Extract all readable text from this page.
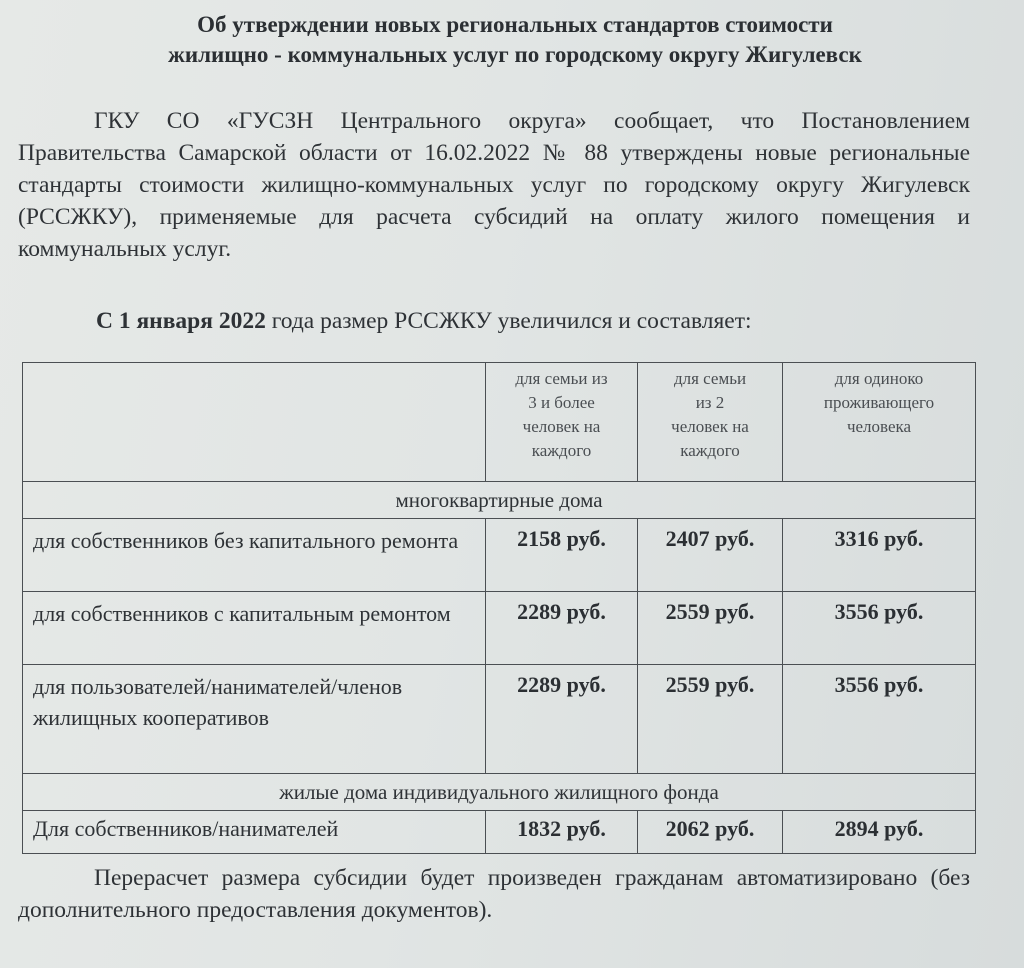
Об утверждении новых региональных стандартов стоимости
жилищно - коммунальных услуг по городскому округу Жигулевск

ГКУ СО «ГУСЗН Центрального округа» сообщает, что Постановлением Правительства Самарской области от 16.02.2022 № 88 утверждены новые региональные стандарты стоимости жилищно-коммунальных услуг по городскому округу Жигулевск (РССЖКУ), применяемые для расчета субсидий на оплату жилого помещения и коммунальных услуг.

С 1 января 2022 года размер РССЖКУ увеличился и составляет:

	для семьи из
3 и более
человек на
каждого	для семьи
из 2
человек на
каждого	для одиноко
проживающего
человека

многоквартирные дома			
для собственников без капитального ремонта	2158 руб.	2407 руб.	3316 руб.
для собственников с капитальным ремонтом	2289 руб.	2559 руб.	3556 руб.
для пользователей/нанимателей/членов жилищных кооперативов	2289 руб.	2559 руб.	3556 руб.
жилые дома индивидуального жилищного фонда			
Для собственников/нанимателей	1832 руб.	2062 руб.	2894 руб.

Перерасчет размера субсидии будет произведен гражданам автоматизировано (без дополнительного предоставления документов).
